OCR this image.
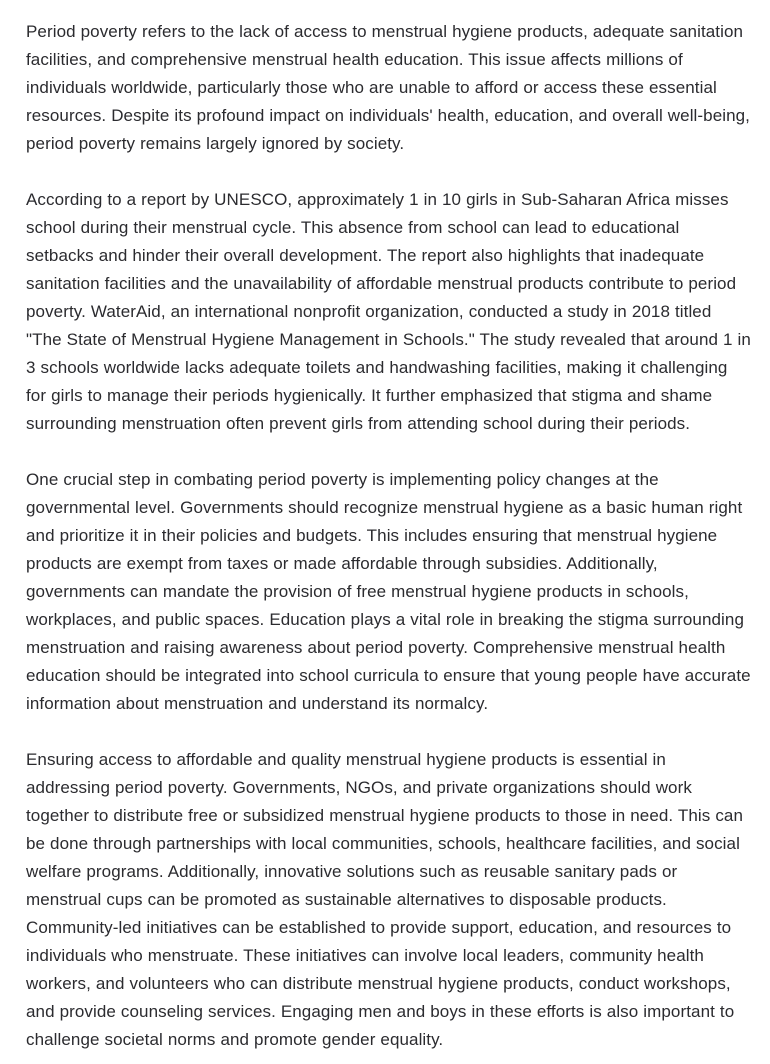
Period poverty refers to the lack of access to menstrual hygiene products, adequate sanitation facilities, and comprehensive menstrual health education. This issue affects millions of individuals worldwide, particularly those who are unable to afford or access these essential resources. Despite its profound impact on individuals' health, education, and overall well-being, period poverty remains largely ignored by society.

According to a report by UNESCO, approximately 1 in 10 girls in Sub-Saharan Africa misses school during their menstrual cycle. This absence from school can lead to educational setbacks and hinder their overall development. The report also highlights that inadequate sanitation facilities and the unavailability of affordable menstrual products contribute to period poverty. WaterAid, an international nonprofit organization, conducted a study in 2018 titled "The State of Menstrual Hygiene Management in Schools." The study revealed that around 1 in 3 schools worldwide lacks adequate toilets and handwashing facilities, making it challenging for girls to manage their periods hygienically. It further emphasized that stigma and shame surrounding menstruation often prevent girls from attending school during their periods.

One crucial step in combating period poverty is implementing policy changes at the governmental level. Governments should recognize menstrual hygiene as a basic human right and prioritize it in their policies and budgets. This includes ensuring that menstrual hygiene products are exempt from taxes or made affordable through subsidies. Additionally, governments can mandate the provision of free menstrual hygiene products in schools, workplaces, and public spaces. Education plays a vital role in breaking the stigma surrounding menstruation and raising awareness about period poverty. Comprehensive menstrual health education should be integrated into school curricula to ensure that young people have accurate information about menstruation and understand its normalcy.

Ensuring access to affordable and quality menstrual hygiene products is essential in addressing period poverty. Governments, NGOs, and private organizations should work together to distribute free or subsidized menstrual hygiene products to those in need. This can be done through partnerships with local communities, schools, healthcare facilities, and social welfare programs. Additionally, innovative solutions such as reusable sanitary pads or menstrual cups can be promoted as sustainable alternatives to disposable products. Community-led initiatives can be established to provide support, education, and resources to individuals who menstruate. These initiatives can involve local leaders, community health workers, and volunteers who can distribute menstrual hygiene products, conduct workshops, and provide counseling services. Engaging men and boys in these efforts is also important to challenge societal norms and promote gender equality.
